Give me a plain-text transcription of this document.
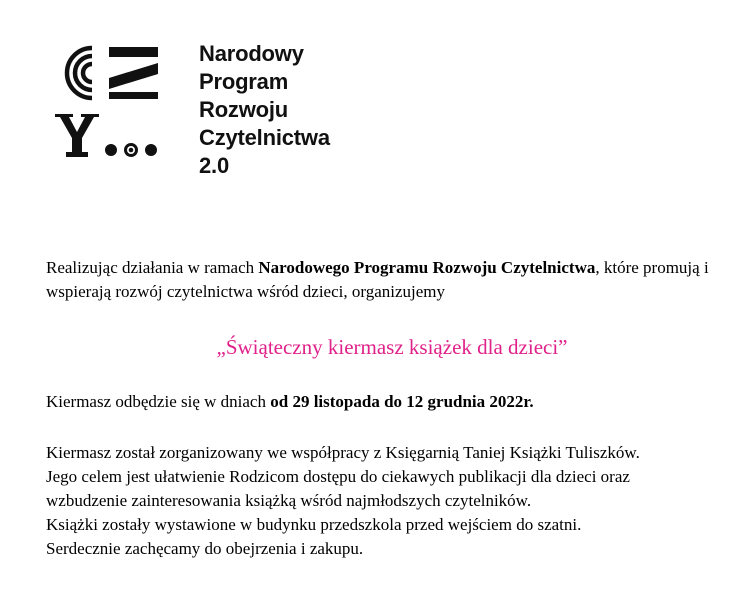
Narodowy
Program
Rozwoju
Czytelnictwa
2.0

Realizując działania w ramach Narodowego Programu Rozwoju Czytelnictwa, które promują i wspierają rozwój czytelnictwa wśród dzieci, organizujemy

„Świąteczny kiermasz książek dla dzieci”

Kiermasz odbędzie się w dniach od 29 listopada do 12 grudnia 2022r.

Kiermasz został zorganizowany we współpracy z Księgarnią Taniej Książki Tuliszków.
Jego celem jest ułatwienie Rodzicom dostępu do ciekawych publikacji dla dzieci oraz
wzbudzenie zainteresowania książką wśród najmłodszych czytelników.
Książki zostały wystawione w budynku przedszkola przed wejściem do szatni.
Serdecznie zachęcamy do obejrzenia i zakupu.
